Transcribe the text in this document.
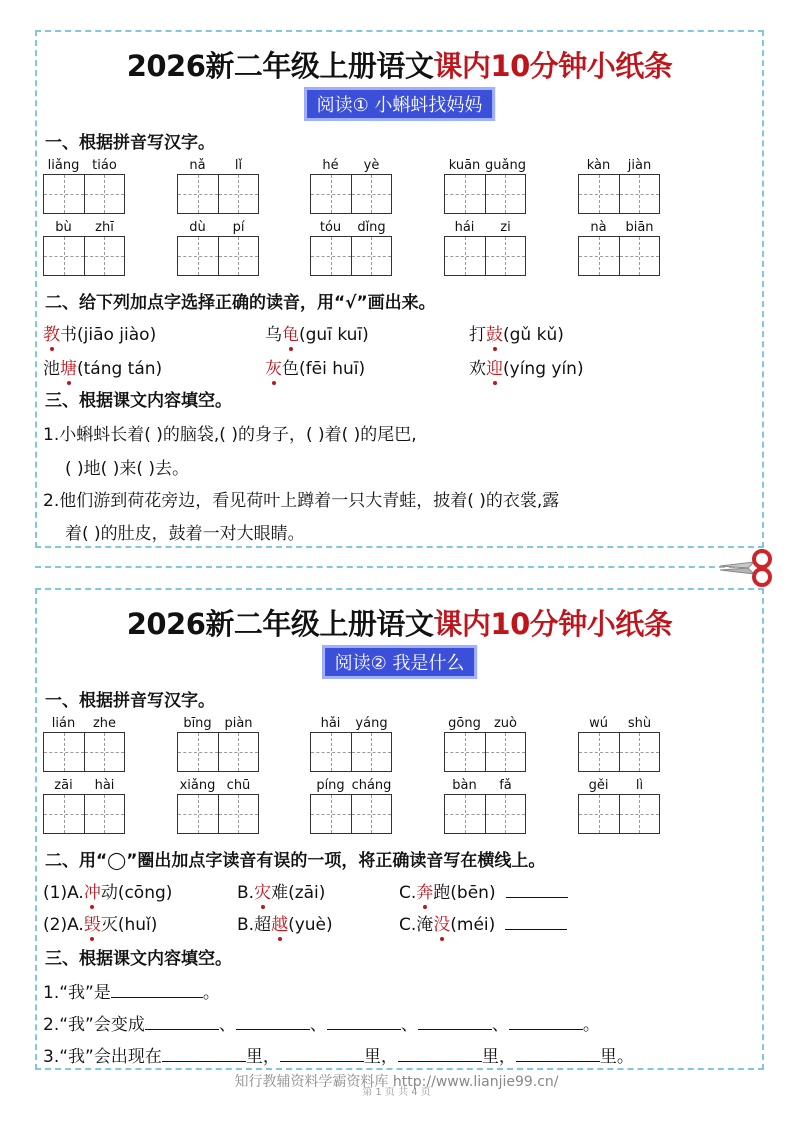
2026新二年级上册语文课内10分钟小纸条
阅读① 小蝌蚪找妈妈
一、根据拼音写汉字。
liǎng tiáo	nǎ	lǐ	hé	yè	kuān guǎng	kàn	jiàn
bù	zhī	dù	pí	tóu	dǐng	hái	zi	nà	biān
二、给下列加点字选择正确的读音，用“√”画出来。
教书(jiāo jiào)	乌龟(guī kuī)	打鼓(gǔ kǔ)
池塘(táng tán)	灰色(fēi huī)	欢迎(yíng yín)
三、根据课文内容填空。
1.小蝌蚪长着( )的脑袋,( )的身子，( )着( )的尾巴,
( )地( )来( )去。
2.他们游到荷花旁边，看见荷叶上蹲着一只大青蛙，披着( )的衣裳,露
着( )的肚皮，鼓着一对大眼睛。
2026新二年级上册语文课内10分钟小纸条
阅读② 我是什么
一、根据拼音写汉字。
lián	zhe	bīng piàn	hǎi	yáng	gōng	zuò	wú	shù
zāi	hài	xiǎng chū	píng cháng	bàn	fǎ	gěi	lì
二、用“◯”圈出加点字读音有误的一项，将正确读音写在横线上。
(1)A.冲动(cōng)	B.灾难(zāi)	C.奔跑(bēn)
(2)A.毁灭(huǐ)	B.超越(yuè)	C.淹没(méi)
三、根据课文内容填空。
1.“我”是	。
2.“我”会变成	、	、	、	、	。
3.“我”会出现在	里，	里，	里，	里。
知行教辅资料学霸资料库 http://www.lianjie99.cn/
第 1 页 共 4 页
